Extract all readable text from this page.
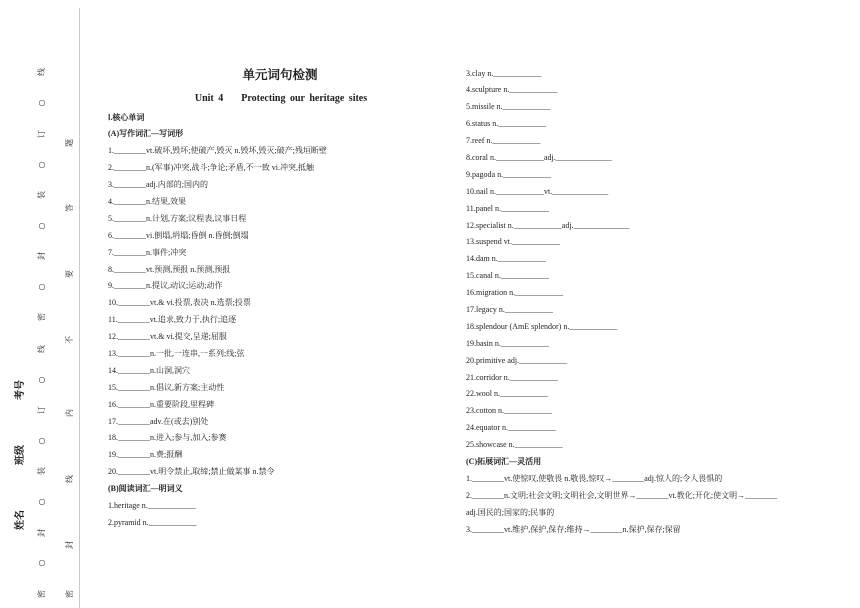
线
○
订
○
装
○
封
○
密
线
○
订
○
装
○
封
○
密
题
答
要
不
内
线
封
密
考号
班级
姓名
单元词句检测
Unit 4    Protecting our heritage sites
Ⅰ.核心单词
(A)写作词汇—写词形
1.________vt.破坏,毁坏;使破产,毁灭 n.毁坏,毁灭;破产;残垣断壁
2.________n.(军事)冲突,战斗;争论;矛盾,不一致 vi.冲突,抵触
3.________adj.内部的;国内的
4.________n.结果,效果
5.________n.计划,方案;议程表,议事日程
6.________vi.倒塌,坍塌;昏倒 n.昏倒;倒塌
7.________n.事件;冲突
8.________vt.预测,预报 n.预测,预报
9.________n.提议,动议;运动;动作
10.________vt.& vi.投票,表决 n.选票;投票
11.________vt.追求,致力于,执行;追逐
12.________vt.& vi.提交,呈递;屈服
13.________n.一批,一连串,一系列;线;弦
14.________n.山洞,洞穴
15.________n.倡议,新方案;主动性
16.________n.重要阶段,里程碑
17.________adv.在(或去)别处
18.________n.进入;参与,加入;参赛
19.________n.费;报酬
20.________vt.明令禁止,取缔;禁止做某事 n.禁令
(B)阅读词汇—明词义
1.heritage n.____________
2.pyramid n.____________
3.clay n.____________
4.sculpture n.____________
5.missile n.____________
6.status n.____________
7.reef n.____________
8.coral n.____________adj.______________
9.pagoda n.____________
10.nail n.____________vt.______________
11.panel n.____________
12.specialist n.____________adj.______________
13.suspend vt.____________
14.dam n.____________
15.canal n.____________
16.migration n.____________
17.legacy n.____________
18.splendour (AmE splendor) n.____________
19.basin n.____________
20.primitive adj.____________
21.corridor n.____________
22.wool n.____________
23.cotton n.____________
24.equator n.____________
25.showcase n.____________
(C)拓展词汇—灵活用
1.________vt.使惊叹,使敬畏 n.敬畏,惊叹→________adj.惊人的;令人畏惧的
2.________n.文明;社会文明;文明社会,文明世界→________vt.教化;开化;使文明→________
adj.国民的;国家的;民事的
3.________vt.维护,保护,保存;维持→________n.保护,保存;保留
